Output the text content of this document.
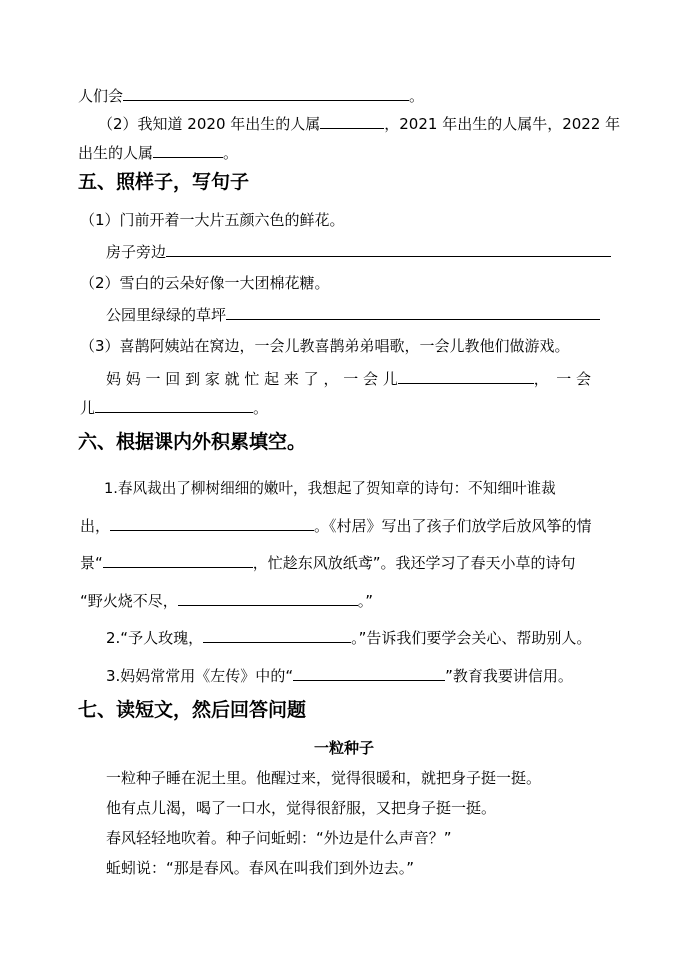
人们会	。
（2）我知道 2020 年出生的人属	，2021 年出生的人属牛，2022 年
出生的人属	。
五、照样子，写句子
（1）门前开着一大片五颜六色的鲜花。
房子旁边
（2）雪白的云朵好像一大团棉花糖。
公园里绿绿的草坪
（3）喜鹊阿姨站在窝边，一会儿教喜鹊弟弟唱歌，一会儿教他们做游戏。
妈 妈 一 回 到 家 就 忙 起 来 了 ， 一 会 儿	，　一 会
儿	。
六、根据课内外积累填空。
1.春风裁出了柳树细细的嫩叶，我想起了贺知章的诗句：不知细叶谁裁
出，	。《村居》写出了孩子们放学后放风筝的情
景“	，忙趁东风放纸鸢”。我还学习了春天小草的诗句
“野火烧不尽，	。”
2.“予人玫瑰，	。”告诉我们要学会关心、帮助别人。
3.妈妈常常用《左传》中的“	”教育我要讲信用。
七、读短文，然后回答问题
一粒种子
一粒种子睡在泥土里。他醒过来，觉得很暖和，就把身子挺一挺。
他有点儿渴，喝了一口水，觉得很舒服，又把身子挺一挺。
春风轻轻地吹着。种子问蚯蚓：“外边是什么声音？”
蚯蚓说：“那是春风。春风在叫我们到外边去。”
